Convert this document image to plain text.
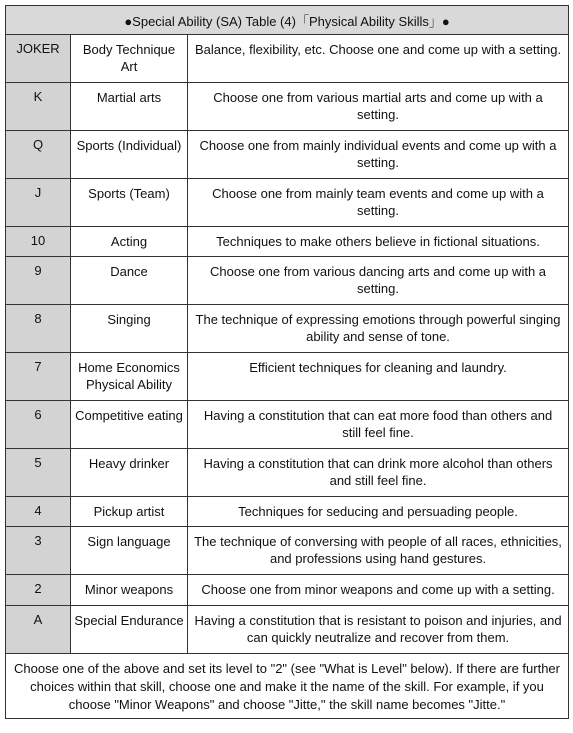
●Special Ability (SA) Table (4)「Physical Ability Skills」●		
JOKER	Body Technique Art	Balance, flexibility, etc. Choose one and come up with a setting.
K	Martial arts	Choose one from various martial arts and come up with a setting.
Q	Sports (Individual)	Choose one from mainly individual events and come up with a setting.
J	Sports (Team)	Choose one from mainly team events and come up with a setting.
10	Acting	Techniques to make others believe in fictional situations.
9	Dance	Choose one from various dancing arts and come up with a setting.
8	Singing	The technique of expressing emotions through powerful singing ability and sense of tone.
7	Home Economics Physical Ability	Efficient techniques for cleaning and laundry.
6	Competitive eating	Having a constitution that can eat more food than others and still feel fine.
5	Heavy drinker	Having a constitution that can drink more alcohol than others and still feel fine.
4	Pickup artist	Techniques for seducing and persuading people.
3	Sign language	The technique of conversing with people of all races, ethnicities, and professions using hand gestures.
2	Minor weapons	Choose one from minor weapons and come up with a setting.
A	Special Endurance	Having a constitution that is resistant to poison and injuries, and can quickly neutralize and recover from them.
Choose one of the above and set its level to "2" (see "What is Level" below). If there are further choices within that skill, choose one and make it the name of the skill. For example, if you choose "Minor Weapons" and choose "Jitte," the skill name becomes "Jitte."		
